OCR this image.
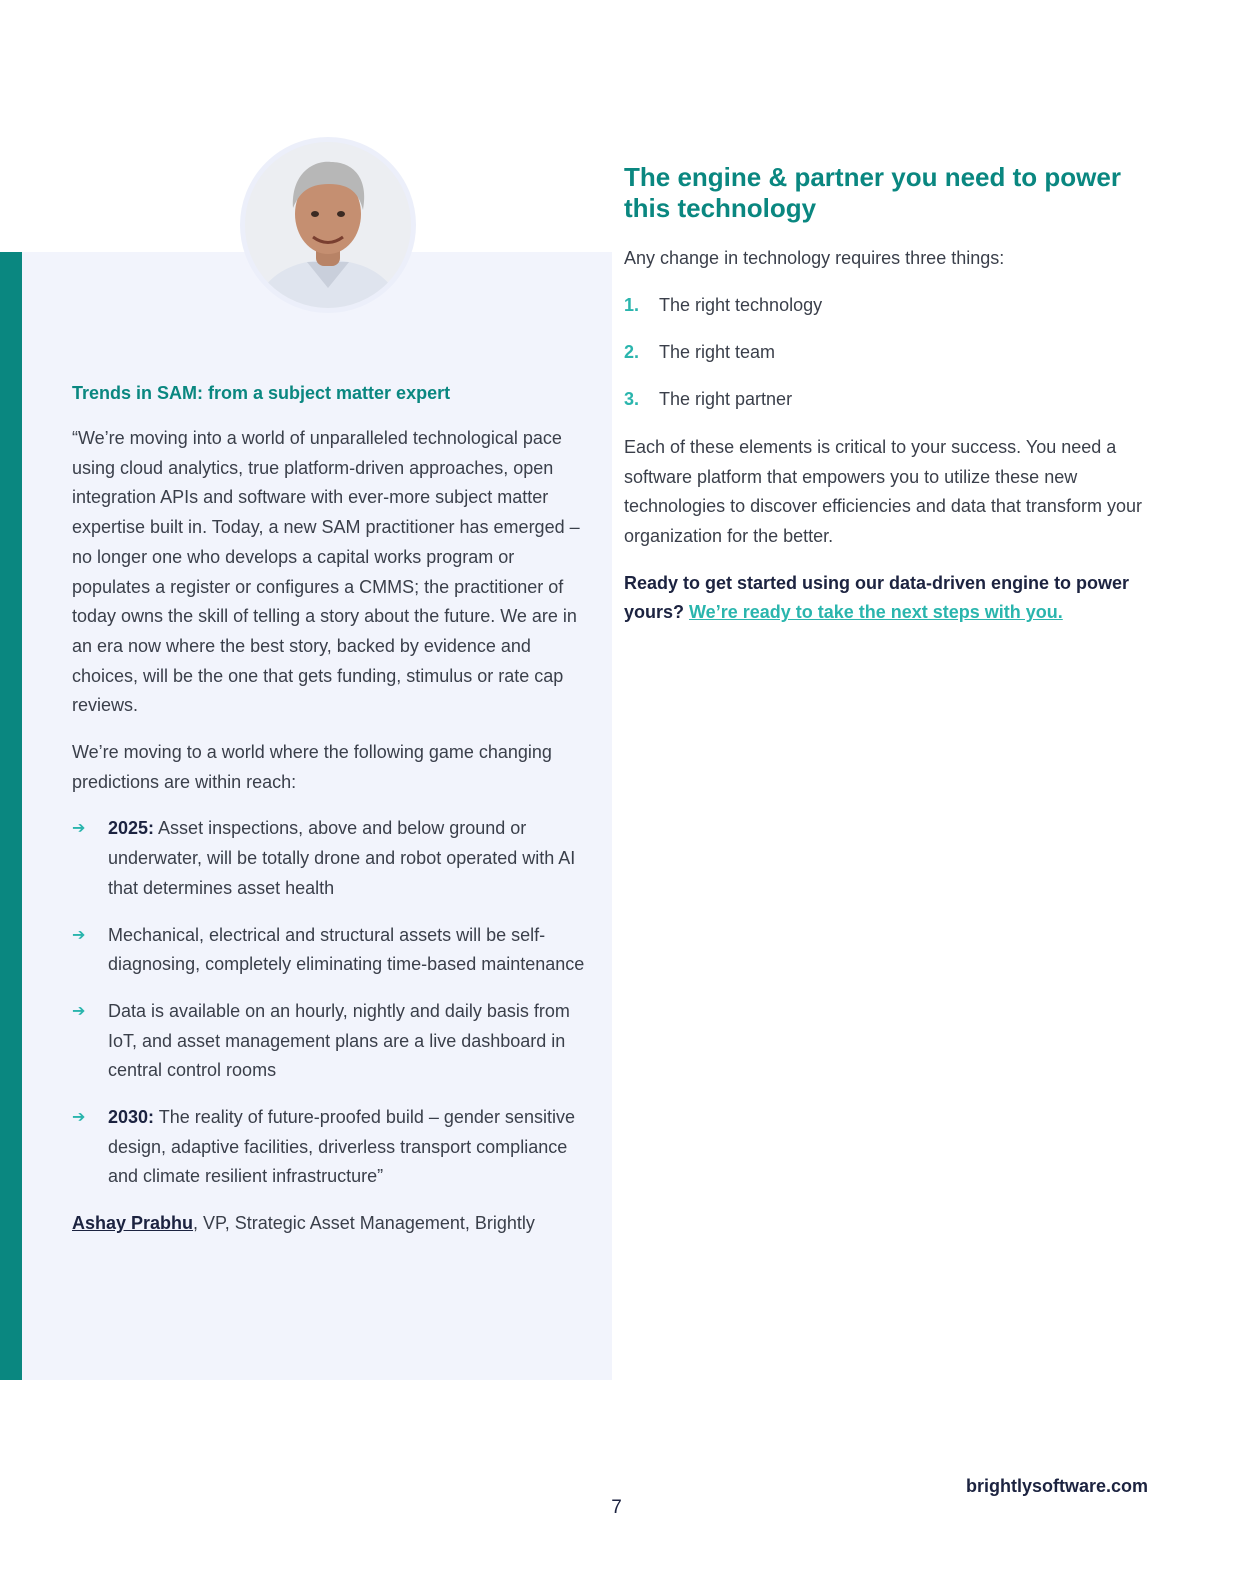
Trends in SAM: from a subject matter expert

“We’re moving into a world of unparalleled technological pace using cloud analytics, true platform-driven approaches, open integration APIs and software with ever-more subject matter expertise built in. Today, a new SAM practitioner has emerged – no longer one who develops a capital works program or populates a register or configures a CMMS; the practitioner of today owns the skill of telling a story about the future. We are in an era now where the best story, backed by evidence and choices, will be the one that gets funding, stimulus or rate cap reviews.

We’re moving to a world where the following game changing predictions are within reach:

➔	2025: Asset inspections, above and below ground or underwater, will be totally drone and robot operated with AI that determines asset health
➔	Mechanical, electrical and structural assets will be self-diagnosing, completely eliminating time-based maintenance
➔	Data is available on an hourly, nightly and daily basis from IoT, and asset management plans are a live dashboard in central control rooms
➔	2030: The reality of future-proofed build – gender sensitive design, adaptive facilities, driverless transport compliance and climate resilient infrastructure”

Ashay Prabhu, VP, Strategic Asset Management, Brightly

The engine & partner you need to power this technology

Any change in technology requires three things:

1.	The right technology
2.	The right team
3.	The right partner

Each of these elements is critical to your success. You need a software platform that empowers you to utilize these new technologies to discover efficiencies and data that transform your organization for the better.

Ready to get started using our data-driven engine to power yours? We’re ready to take the next steps with you.

brightlysoftware.com
7
